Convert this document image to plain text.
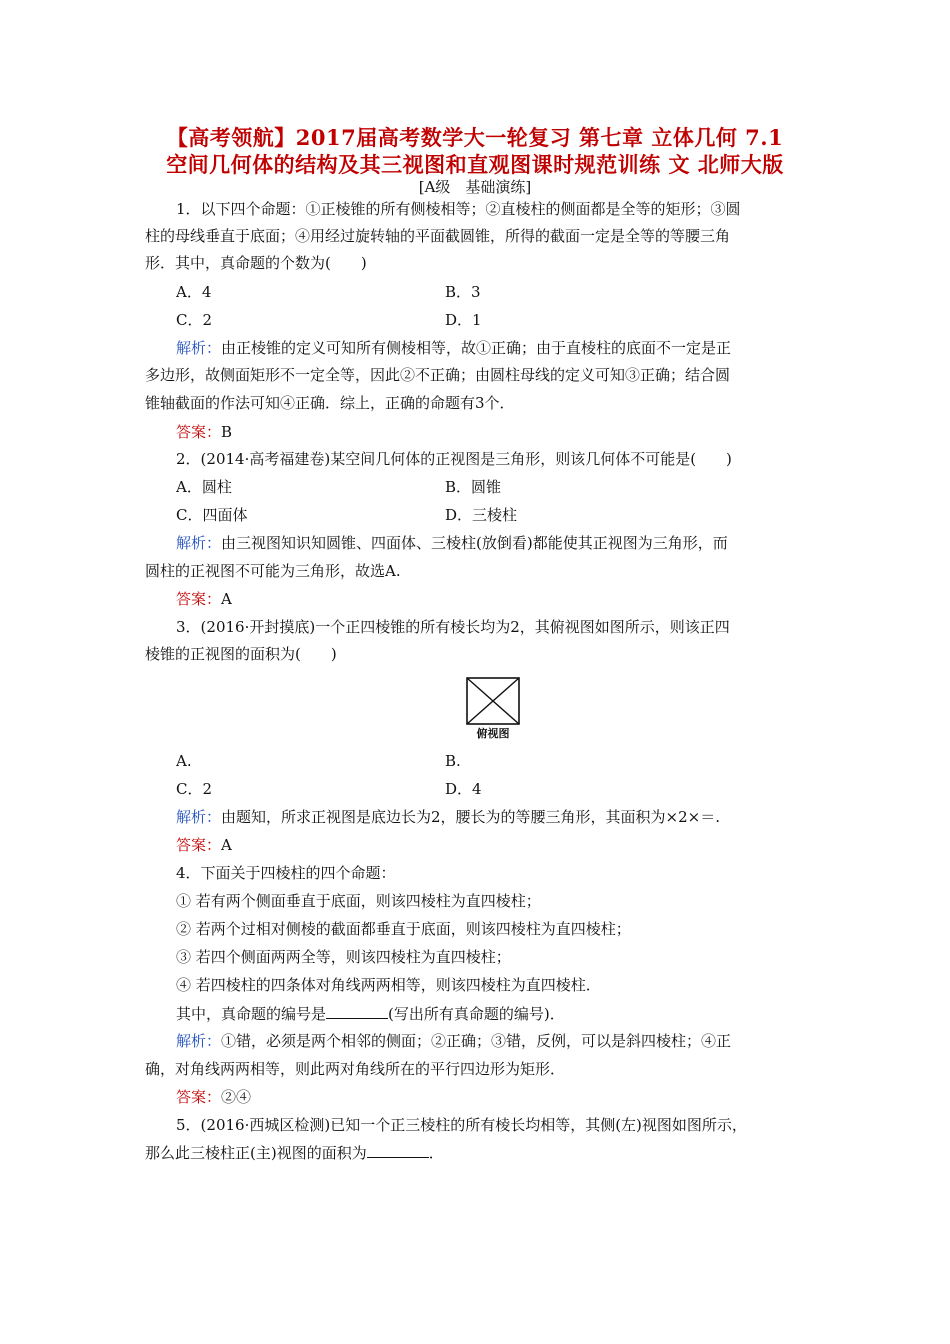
【高考领航】2017届高考数学大一轮复习 第七章 立体几何 7.1
空间几何体的结构及其三视图和直观图课时规范训练 文 北师大版
[A级　基础演练]
1．以下四个命题：①正棱锥的所有侧棱相等；②直棱柱的侧面都是全等的矩形；③圆
柱的母线垂直于底面；④用经过旋转轴的平面截圆锥，所得的截面一定是全等的等腰三角
形．其中，真命题的个数为(　　)
A．4	B．3
C．2	D．1
解析：由正棱锥的定义可知所有侧棱相等，故①正确；由于直棱柱的底面不一定是正
多边形，故侧面矩形不一定全等，因此②不正确；由圆柱母线的定义可知③正确；结合圆
锥轴截面的作法可知④正确．综上，正确的命题有3个．
答案：B
2．(2014·高考福建卷)某空间几何体的正视图是三角形，则该几何体不可能是(　　)
A．圆柱	B．圆锥
C．四面体	D．三棱柱
解析：由三视图知识知圆锥、四面体、三棱柱(放倒看)都能使其正视图为三角形，而
圆柱的正视图不可能为三角形，故选A.
答案：A
3．(2016·开封摸底)一个正四棱锥的所有棱长均为2，其俯视图如图所示，则该正四
棱锥的正视图的面积为(　　)
俯视图
A.	B.
C．2	D．4
解析：由题知，所求正视图是底边长为2，腰长为的等腰三角形，其面积为×2×＝.
答案：A
4．下面关于四棱柱的四个命题：
① 若有两个侧面垂直于底面，则该四棱柱为直四棱柱；
② 若两个过相对侧棱的截面都垂直于底面，则该四棱柱为直四棱柱；
③ 若四个侧面两两全等，则该四棱柱为直四棱柱；
④ 若四棱柱的四条体对角线两两相等，则该四棱柱为直四棱柱．
其中，真命题的编号是	(写出所有真命题的编号)．
解析：①错，必须是两个相邻的侧面；②正确；③错，反例，可以是斜四棱柱；④正
确，对角线两两相等，则此两对角线所在的平行四边形为矩形．
答案：②④
5．(2016·西城区检测)已知一个正三棱柱的所有棱长均相等，其侧(左)视图如图所示，
那么此三棱柱正(主)视图的面积为	．
